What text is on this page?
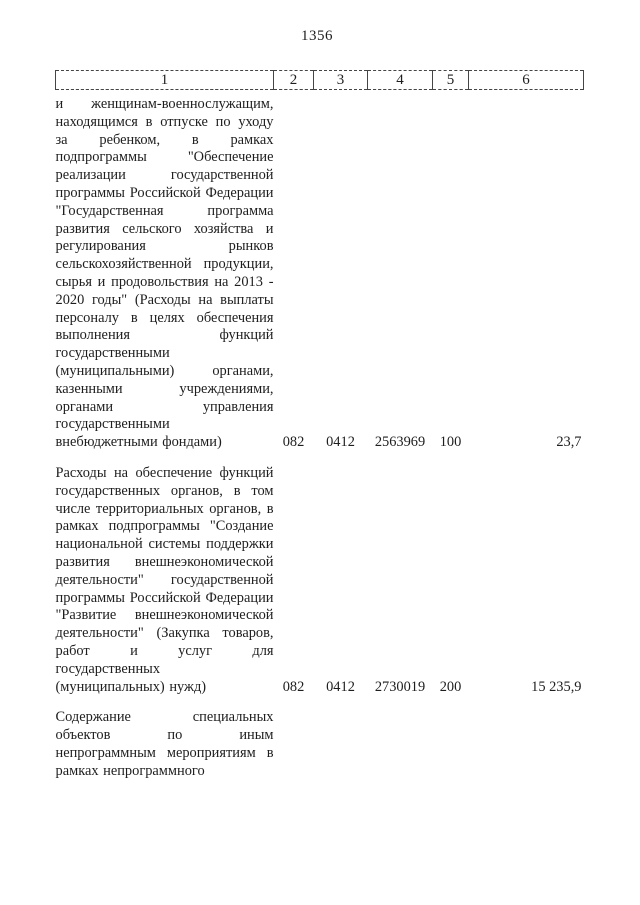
1356
1	2	3	4	5	6
и женщинам-военнослужащим, находящимся в отпуске по уходу за ребенком, в рамках подпрограммы "Обеспечение реализации государственной программы Российской Федерации "Государственная программа развития сельского хозяйства и регулирования рынков сельскохозяйственной продукции, сырья и продовольствия на 2013 - 2020 годы" (Расходы на выплаты персоналу в целях обеспечения выполнения функций государственными (муниципальными) органами, казенными учреждениями, органами управления государственными внебюджетными фондами)	082	0412	2563969	100	23,7
Расходы на обеспечение функций государственных органов, в том числе территориальных органов, в рамках подпрограммы "Создание национальной системы поддержки развития внешнеэкономической деятельности" государственной программы Российской Федерации "Развитие внешнеэкономической деятельности" (Закупка товаров, работ и услуг для государственных (муниципальных) нужд)	082	0412	2730019	200	15 235,9
Содержание специальных объектов по иным непрограммным мероприятиям в рамках непрограммного					
